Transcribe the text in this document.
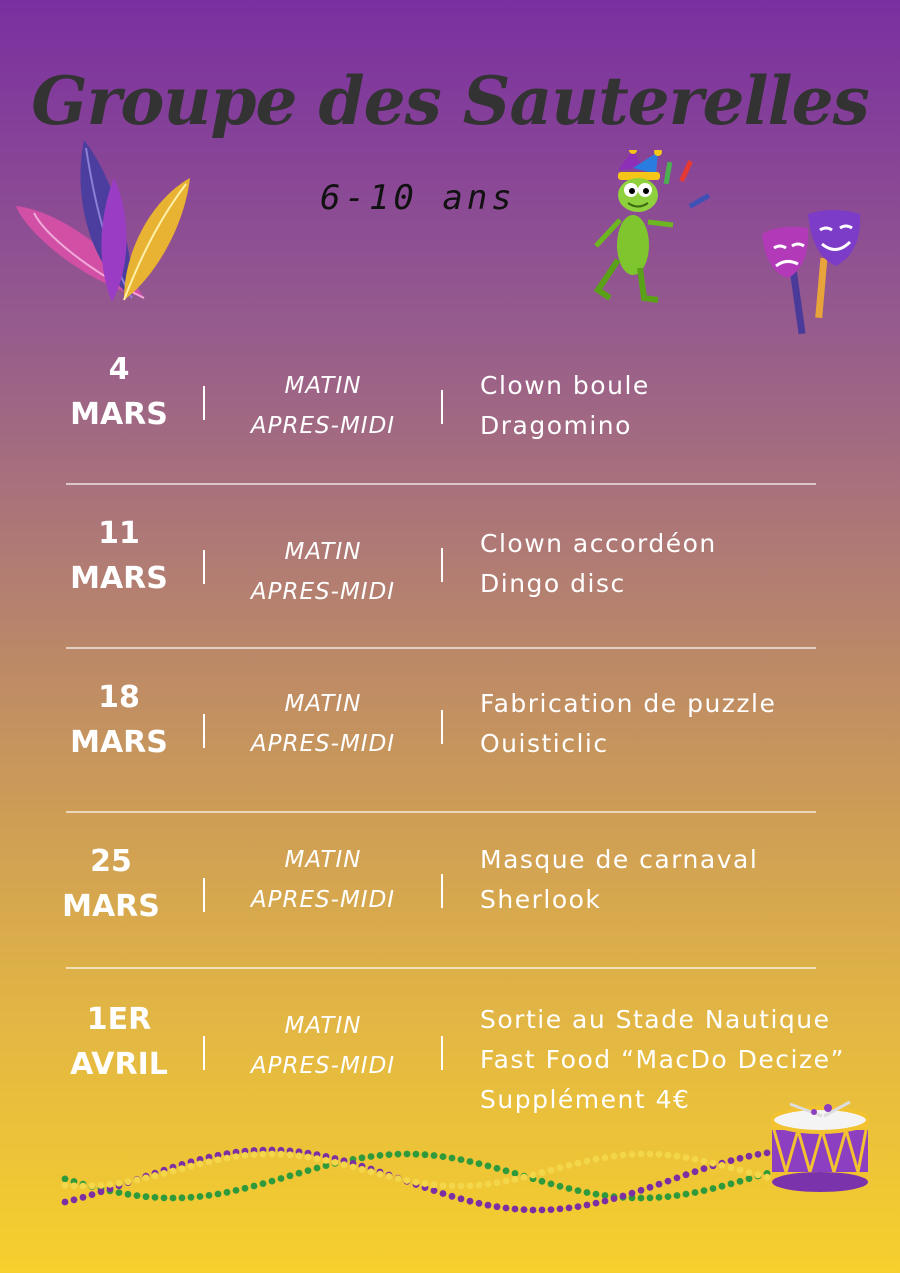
Groupe des Sauterelles
6-10 ans
4
MARS
MATIN
APRES-MIDI
Clown boule
Dragomino
11
MARS
MATIN
APRES-MIDI
Clown accordéon
Dingo disc
18
MARS
MATIN
APRES-MIDI
Fabrication de puzzle
Ouisticlic
25
MARS
MATIN
APRES-MIDI
Masque de carnaval
Sherlook
1ER
AVRIL
MATIN
APRES-MIDI
Sortie au Stade Nautique
Fast Food “MacDo Decize”
Supplément 4€
